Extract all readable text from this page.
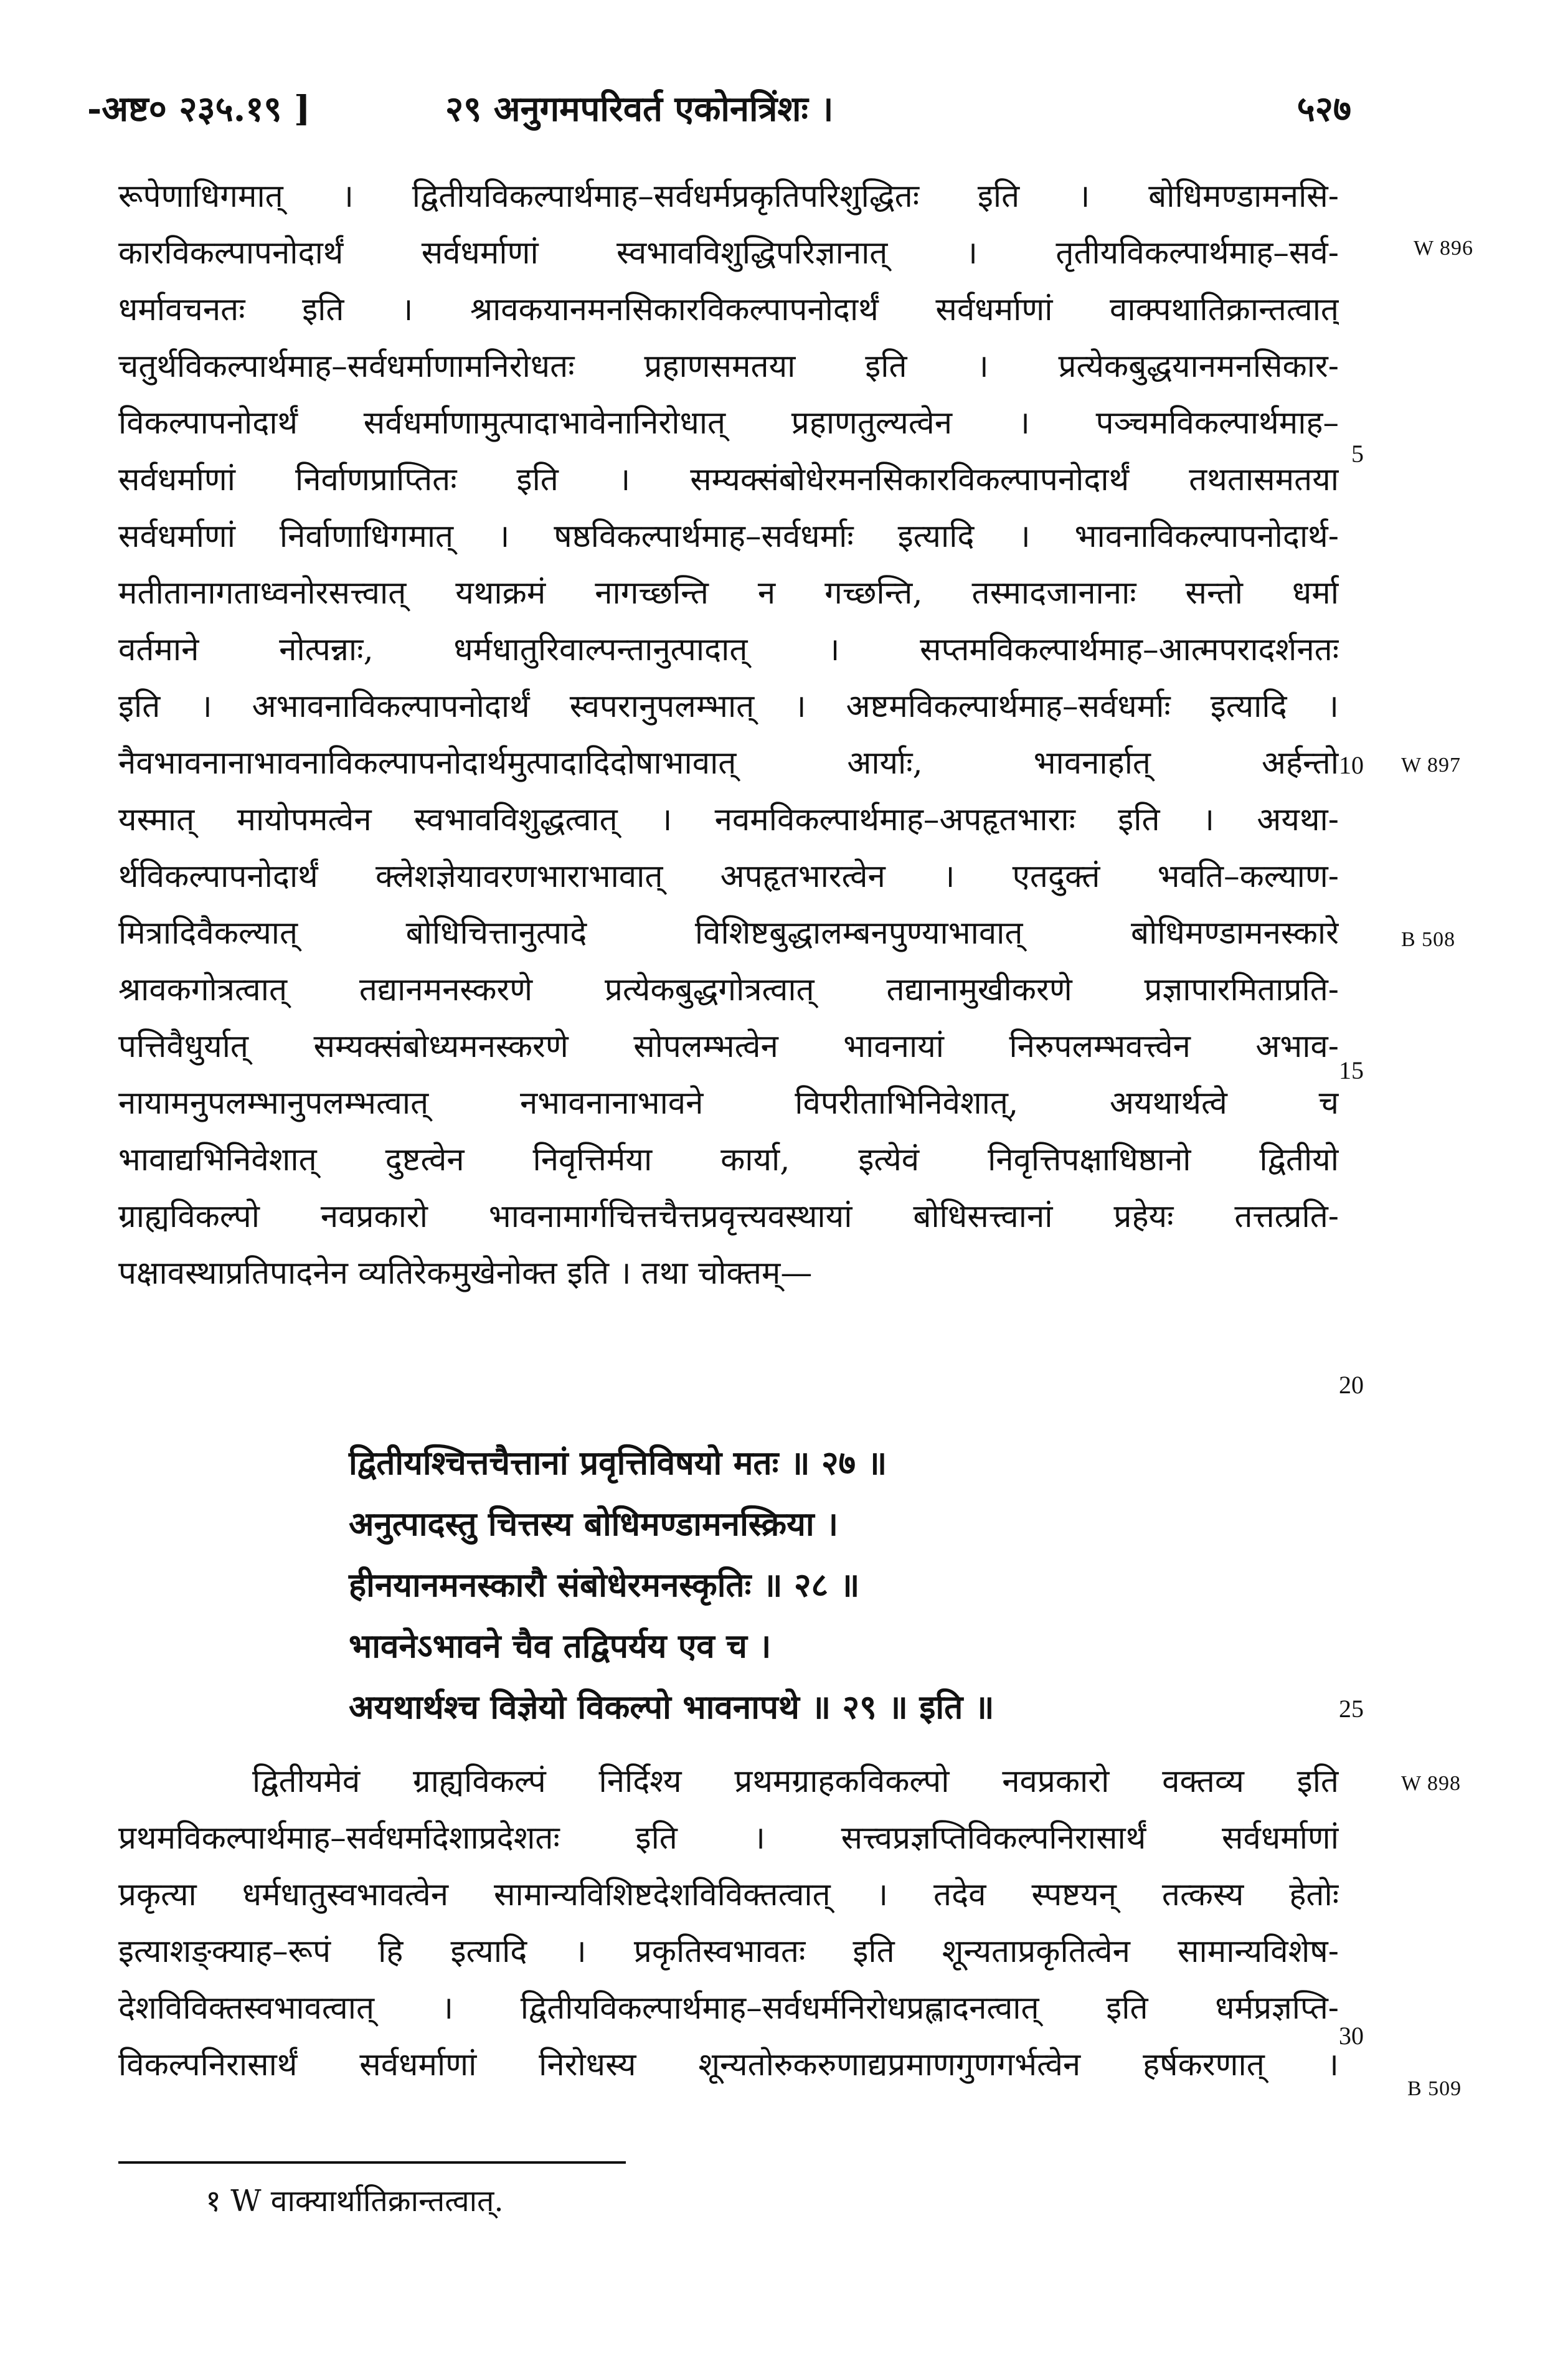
-अष्ट० २३५.१९ ]	२९ अनुगमपरिवर्त एकोनत्रिंशः ।	५२७
रूपेणाधिगमात् । द्वितीयविकल्पार्थमाह–सर्वधर्मप्रकृतिपरिशुद्धितः इति । बोधिमण्डामनसि-
कारविकल्पापनोदार्थं सर्वधर्माणां स्वभावविशुद्धिपरिज्ञानात् । तृतीयविकल्पार्थमाह–सर्व-
धर्मावचनतः इति । श्रावकयानमनसिकारविकल्पापनोदार्थं सर्वधर्माणां वाक्पथातिक्रान्तत्वात्
चतुर्थविकल्पार्थमाह–सर्वधर्माणामनिरोधतः प्रहाणसमतया इति । प्रत्येकबुद्धयानमनसिकार-
विकल्पापनोदार्थं सर्वधर्माणामुत्पादाभावेनानिरोधात् प्रहाणतुल्यत्वेन । पञ्चमविकल्पार्थमाह–
सर्वधर्माणां निर्वाणप्राप्तितः इति । सम्यक्संबोधेरमनसिकारविकल्पापनोदार्थं तथतासमतया
सर्वधर्माणां निर्वाणाधिगमात् । षष्ठविकल्पार्थमाह–सर्वधर्माः इत्यादि । भावनाविकल्पापनोदार्थ-
मतीतानागताध्वनोरसत्त्वात् यथाक्रमं नागच्छन्ति न गच्छन्ति, तस्मादजानानाः सन्तो धर्मा
वर्तमाने नोत्पन्नाः, धर्मधातुरिवाल्पन्तानुत्पादात् । सप्तमविकल्पार्थमाह–आत्मपरादर्शनतः
इति । अभावनाविकल्पापनोदार्थं स्वपरानुपलम्भात् । अष्टमविकल्पार्थमाह–सर्वधर्माः इत्यादि ।
नैवभावनानाभावनाविकल्पापनोदार्थमुत्पादादिदोषाभावात् आर्याः, भावनार्हात् अर्हन्तो
यस्मात् मायोपमत्वेन स्वभावविशुद्धत्वात् । नवमविकल्पार्थमाह–अपहृतभाराः इति । अयथा-
र्थविकल्पापनोदार्थं क्लेशज्ञेयावरणभाराभावात् अपहृतभारत्वेन । एतदुक्तं भवति–कल्याण-
मित्रादिवैकल्यात् बोधिचित्तानुत्पादे विशिष्टबुद्धालम्बनपुण्याभावात् बोधिमण्डामनस्कारे
श्रावकगोत्रत्वात् तद्यानमनस्करणे प्रत्येकबुद्धगोत्रत्वात् तद्यानामुखीकरणे प्रज्ञापारमिताप्रति-
पत्तिवैधुर्यात् सम्यक्संबोध्यमनस्करणे सोपलम्भत्वेन भावनायां निरुपलम्भवत्त्वेन अभाव-
नायामनुपलम्भानुपलम्भत्वात् नभावनानाभावने विपरीताभिनिवेशात्, अयथार्थत्वे च
भावाद्यभिनिवेशात् दुष्टत्वेन निवृत्तिर्मया कार्या, इत्येवं निवृत्तिपक्षाधिष्ठानो द्वितीयो
ग्राह्यविकल्पो नवप्रकारो भावनामार्गचित्तचैत्तप्रवृत्त्यवस्थायां बोधिसत्त्वानां प्रहेयः तत्तत्प्रति-
पक्षावस्थाप्रतिपादनेन व्यतिरेकमुखेनोक्त इति । तथा चोक्तम्—
द्वितीयश्चित्तचैत्तानां प्रवृत्तिविषयो मतः ॥ २७ ॥
अनुत्पादस्तु चित्तस्य बोधिमण्डामनस्क्रिया ।
हीनयानमनस्कारौ संबोधेरमनस्कृतिः ॥ २८ ॥
भावनेऽभावने चैव तद्विपर्यय एव च ।
अयथार्थश्च विज्ञेयो विकल्पो भावनापथे ॥ २९ ॥ इति ॥
द्वितीयमेवं ग्राह्यविकल्पं निर्दिश्य प्रथमग्राहकविकल्पो नवप्रकारो वक्तव्य इति
प्रथमविकल्पार्थमाह–सर्वधर्मादेशाप्रदेशतः इति । सत्त्वप्रज्ञप्तिविकल्पनिरासार्थं सर्वधर्माणां
प्रकृत्या धर्मधातुस्वभावत्वेन सामान्यविशिष्टदेशविविक्तत्वात् । तदेव स्पष्टयन् तत्कस्य हेतोः
इत्याशङ्क्याह–रूपं हि इत्यादि । प्रकृतिस्वभावतः इति शून्यताप्रकृतित्वेन सामान्यविशेष-
देशविविक्तस्वभावत्वात् । द्वितीयविकल्पार्थमाह–सर्वधर्मनिरोधप्रह्लादनत्वात् इति धर्मप्रज्ञप्ति-
विकल्पनिरासार्थं सर्वधर्माणां निरोधस्य शून्यतोरुकरुणाद्यप्रमाणगुणगर्भत्वेन हर्षकरणात् ।
5
10
15
20
25
30
W 896
W 897
B 508
W 898
B 509
१ W वाक्यार्थातिक्रान्तत्वात्.
